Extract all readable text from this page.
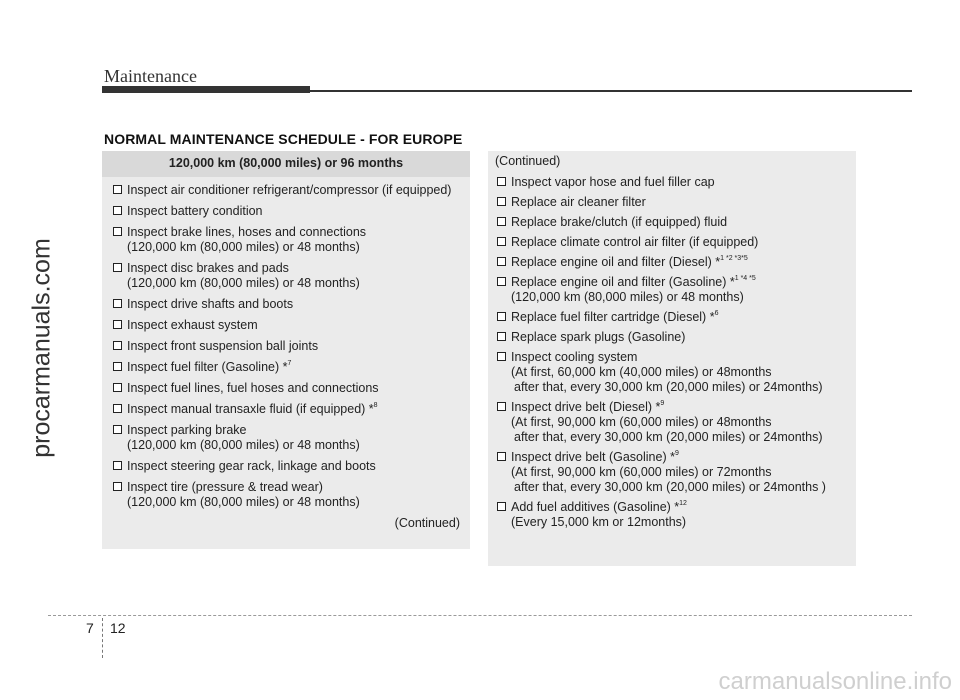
procarmanuals.com
Maintenance
NORMAL MAINTENANCE SCHEDULE - FOR EUROPE
120,000 km (80,000 miles) or 96 months
Inspect air conditioner refrigerant/compressor (if equipped)
Inspect battery condition
Inspect brake lines, hoses and connections
(120,000 km (80,000 miles) or 48 months)
Inspect disc brakes and pads
(120,000 km (80,000 miles) or 48 months)
Inspect drive shafts and boots
Inspect exhaust system
Inspect front suspension ball joints
Inspect fuel filter (Gasoline) *$^7$
Inspect fuel lines, fuel hoses and connections
Inspect manual transaxle fluid (if equipped) *$^8$
Inspect parking brake
(120,000 km (80,000 miles) or 48 months)
Inspect steering gear rack, linkage and boots
Inspect tire (pressure & tread wear)
(120,000 km (80,000 miles) or 48 months)
(Continued)
(Continued)
Inspect vapor hose and fuel filler cap
Replace air cleaner filter
Replace brake/clutch (if equipped) fluid
Replace climate control air filter (if equipped)
Replace engine oil and filter (Diesel) *$^{1 *2 *3*5}$
Replace engine oil and filter (Gasoline) *$^{1 *4 *5}$
(120,000 km (80,000 miles) or 48 months)
Replace fuel filter cartridge (Diesel) *$^6$
Replace spark plugs (Gasoline)
Inspect cooling system
(At first, 60,000 km (40,000 miles) or 48months
after that, every 30,000 km (20,000 miles) or 24months)
Inspect drive belt (Diesel) *$^9$
(At first, 90,000 km (60,000 miles) or 48months
after that, every 30,000 km (20,000 miles) or 24months)
Inspect drive belt (Gasoline) *$^9$
(At first, 90,000 km (60,000 miles) or 72months
after that, every 30,000 km (20,000 miles) or 24months )
Add fuel additives (Gasoline) *$^{12}$
(Every 15,000 km or 12months)
7 12
carmanualsonline.info
